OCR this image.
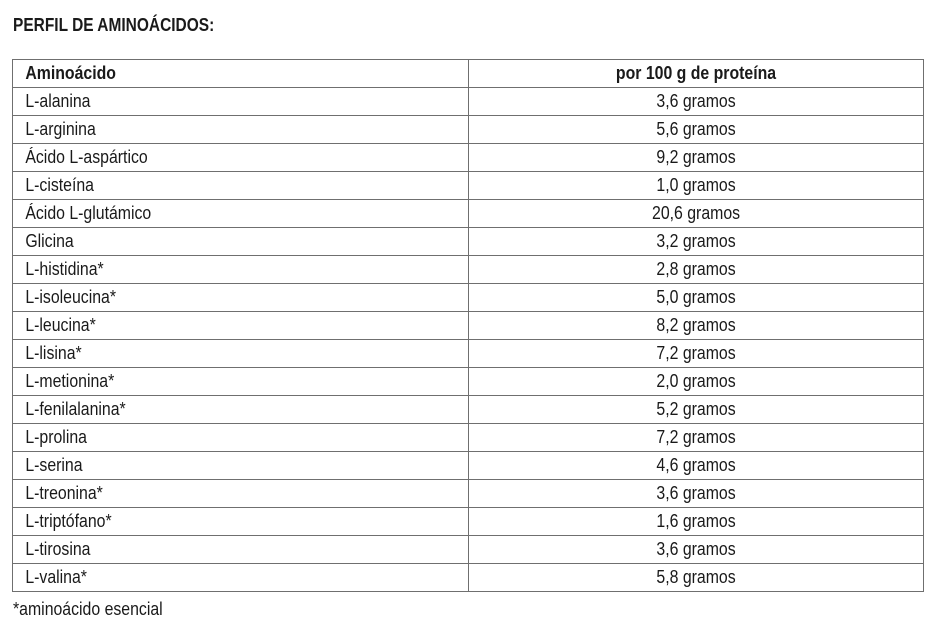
PERFIL DE AMINOÁCIDOS:
Aminoácido	por 100 g de proteína
L-alanina	3,6 gramos
L-arginina	5,6 gramos
Ácido L-aspártico	9,2 gramos
L-cisteína	1,0 gramos
Ácido L-glutámico	20,6 gramos
Glicina	3,2 gramos
L-histidina*	2,8 gramos
L-isoleucina*	5,0 gramos
L-leucina*	8,2 gramos
L-lisina*	7,2 gramos
L-metionina*	2,0 gramos
L-fenilalanina*	5,2 gramos
L-prolina	7,2 gramos
L-serina	4,6 gramos
L-treonina*	3,6 gramos
L-triptófano*	1,6 gramos
L-tirosina	3,6 gramos
L-valina*	5,8 gramos
*aminoácido esencial
